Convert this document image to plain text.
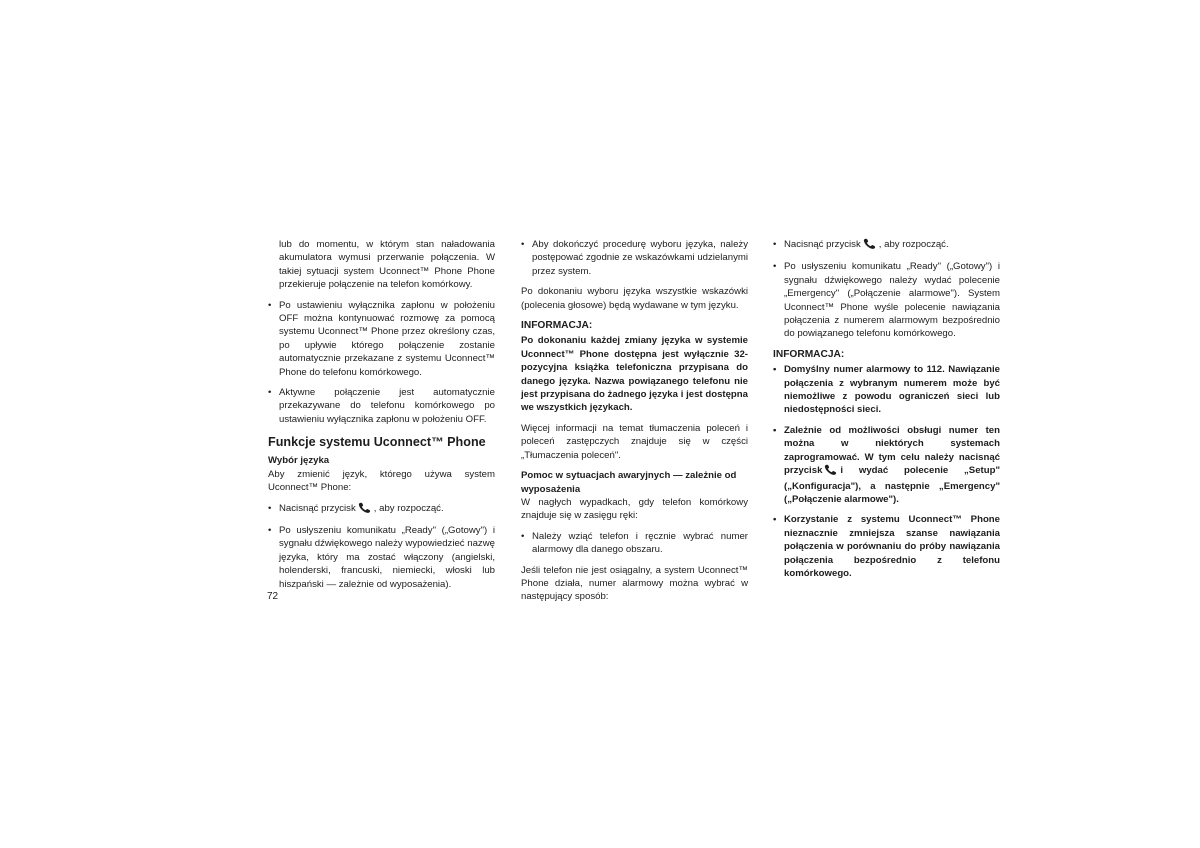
lub do momentu, w którym stan naładowania akumulatora wymusi przerwanie połączenia. W takiej sytuacji system Uconnect™ Phone Phone przekieruje połączenie na telefon komórkowy.

• Po ustawieniu wyłącznika zapłonu w położeniu OFF można kontynuować rozmowę za pomocą systemu Uconnect™ Phone przez określony czas, po upływie którego połączenie zostanie automatycznie przekazane z systemu Uconnect™ Phone do telefonu komórkowego.
• Aktywne połączenie jest automatycznie przekazywane do telefonu komórkowego po ustawieniu wyłącznika zapłonu w położeniu OFF.
Funkcje systemu Uconnect™ Phone
Wybór języka

Aby zmienić język, którego używa system Uconnect™ Phone:

• Nacisnąć przycisk , aby rozpocząć.
• Po usłyszeniu komunikatu „Ready" („Gotowy") i sygnału dźwiękowego należy wypowiedzieć nazwę języka, który ma zostać włączony (angielski, holenderski, francuski, niemiecki, włoski lub hiszpański — zależnie od wyposażenia).
• Aby dokończyć procedurę wyboru języka, należy postępować zgodnie ze wskazówkami udzielanymi przez system.

Po dokonaniu wyboru języka wszystkie wskazówki (polecenia głosowe) będą wydawane w tym języku.

INFORMACJA:

Po dokonaniu każdej zmiany języka w systemie Uconnect™ Phone dostępna jest wyłącznie 32-pozycyjna książka telefoniczna przypisana do danego języka. Nazwa powiązanego telefonu nie jest przypisana do żadnego języka i jest dostępna we wszystkich językach.

Więcej informacji na temat tłumaczenia poleceń i poleceń zastępczych znajduje się w części „Tłumaczenia poleceń".

Pomoc w sytuacjach awaryjnych — zależnie od wyposażenia

W nagłych wypadkach, gdy telefon komórkowy znajduje się w zasięgu ręki:

• Należy wziąć telefon i ręcznie wybrać numer alarmowy dla danego obszaru.

Jeśli telefon nie jest osiągalny, a system Uconnect™ Phone działa, numer alarmowy można wybrać w następujący sposób:

• Nacisnąć przycisk , aby rozpocząć.
• Po usłyszeniu komunikatu „Ready" („Gotowy") i sygnału dźwiękowego należy wydać polecenie „Emergency" („Połączenie alarmowe"). System Uconnect™ Phone wyśle polecenie nawiązania połączenia z numerem alarmowym bezpośrednio do powiązanego telefonu komórkowego.
INFORMACJA:
• Domyślny numer alarmowy to 112. Nawiązanie połączenia z wybranym numerem może być niemożliwe z powodu ograniczeń sieci lub niedostępności sieci.
• Zależnie od możliwości obsługi numer ten można w niektórych systemach zaprogramować. W tym celu należy nacisnąć przycisk i wydać polecenie „Setup" („Konfiguracja"), a następnie „Emergency" („Połączenie alarmowe").
• Korzystanie z systemu Uconnect™ Phone nieznacznie zmniejsza szanse nawiązania połączenia w porównaniu do próby nawiązania połączenia bezpośrednio z telefonu komórkowego.
72
